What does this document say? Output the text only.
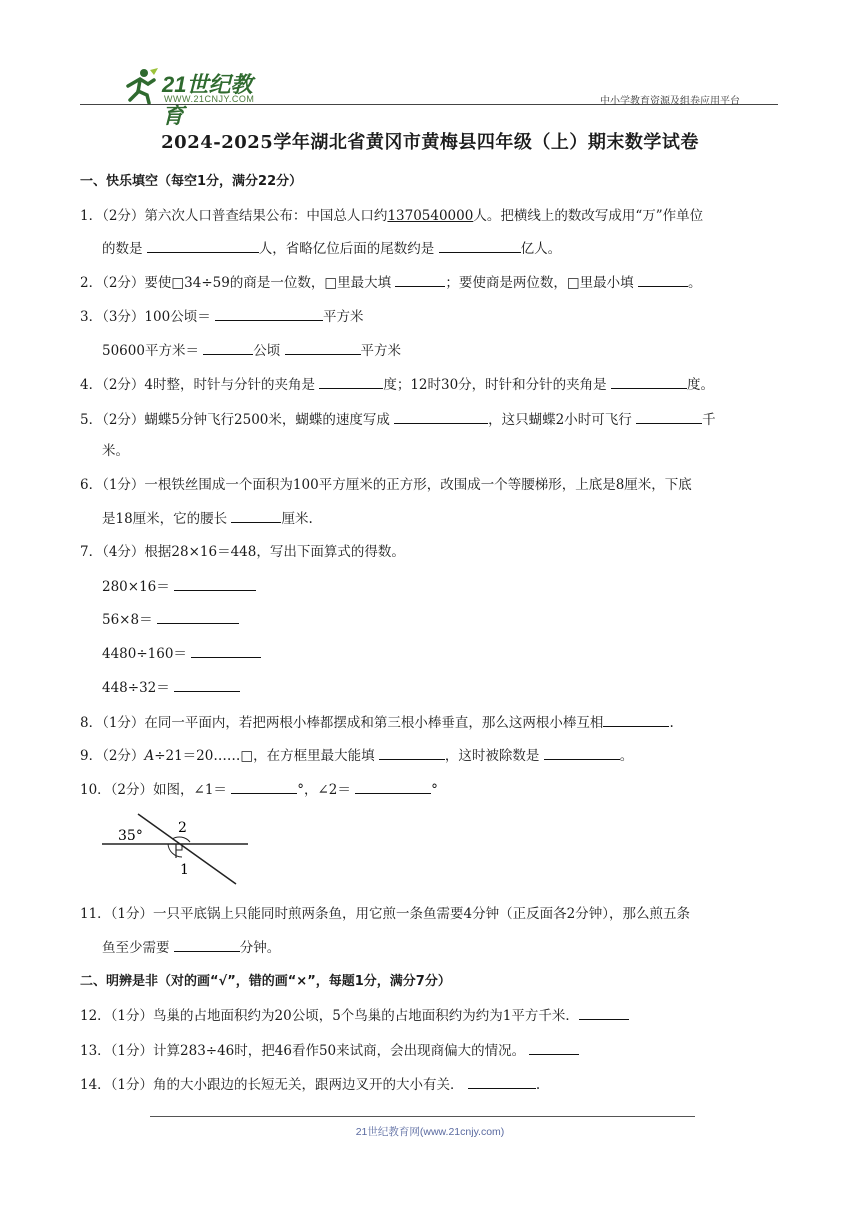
21世纪教育
WWW.21CNJY.COM	中小学教育资源及组卷应用平台
2024-2025学年湖北省黄冈市黄梅县四年级（上）期末数学试卷
一、快乐填空（每空1分，满分22分）
1．（2分）第六次人口普查结果公布：中国总人口约1370540000人。把横线上的数改写成用“万”作单位
的数是	人，省略亿位后面的尾数约是	亿人。
2．（2分）要使□34÷59的商是一位数，□里最大填	；要使商是两位数，□里最小填	。
3．（3分）100公顷＝	平方米
50600平方米＝	公顷	平方米
4．（2分）4时整，时针与分针的夹角是	度；12时30分，时针和分针的夹角是	度。
5．（2分）蝴蝶5分钟飞行2500米，蝴蝶的速度写成	，这只蝴蝶2小时可飞行	千
米。
6．（1分）一根铁丝围成一个面积为100平方厘米的正方形，改围成一个等腰梯形，上底是8厘米，下底
是18厘米，它的腰长	厘米.
7．（4分）根据28×16＝448，写出下面算式的得数。
280×16＝
56×8＝
4480÷160＝
448÷32＝
8．（1分）在同一平面内，若把两根小棒都摆成和第三根小棒垂直，那么这两根小棒互相	.
9．（2分）A÷21＝20……□，在方框里最大能填	，这时被除数是	。
10．（2分）如图，∠1＝	°，∠2＝	°
35°	2
1
11．（1分）一只平底锅上只能同时煎两条鱼，用它煎一条鱼需要4分钟（正反面各2分钟），那么煎五条
鱼至少需要	分钟。
二、明辨是非（对的画“√”，错的画“×”，每题1分，满分7分）
12．（1分）鸟巢的占地面积约为20公顷，5个鸟巢的占地面积约为约为1平方千米．
13．（1分）计算283÷46时，把46看作50来试商，会出现商偏大的情况。
14．（1分）角的大小跟边的长短无关，跟两边叉开的大小有关．	.
21世纪教育网(www.21cnjy.com)
